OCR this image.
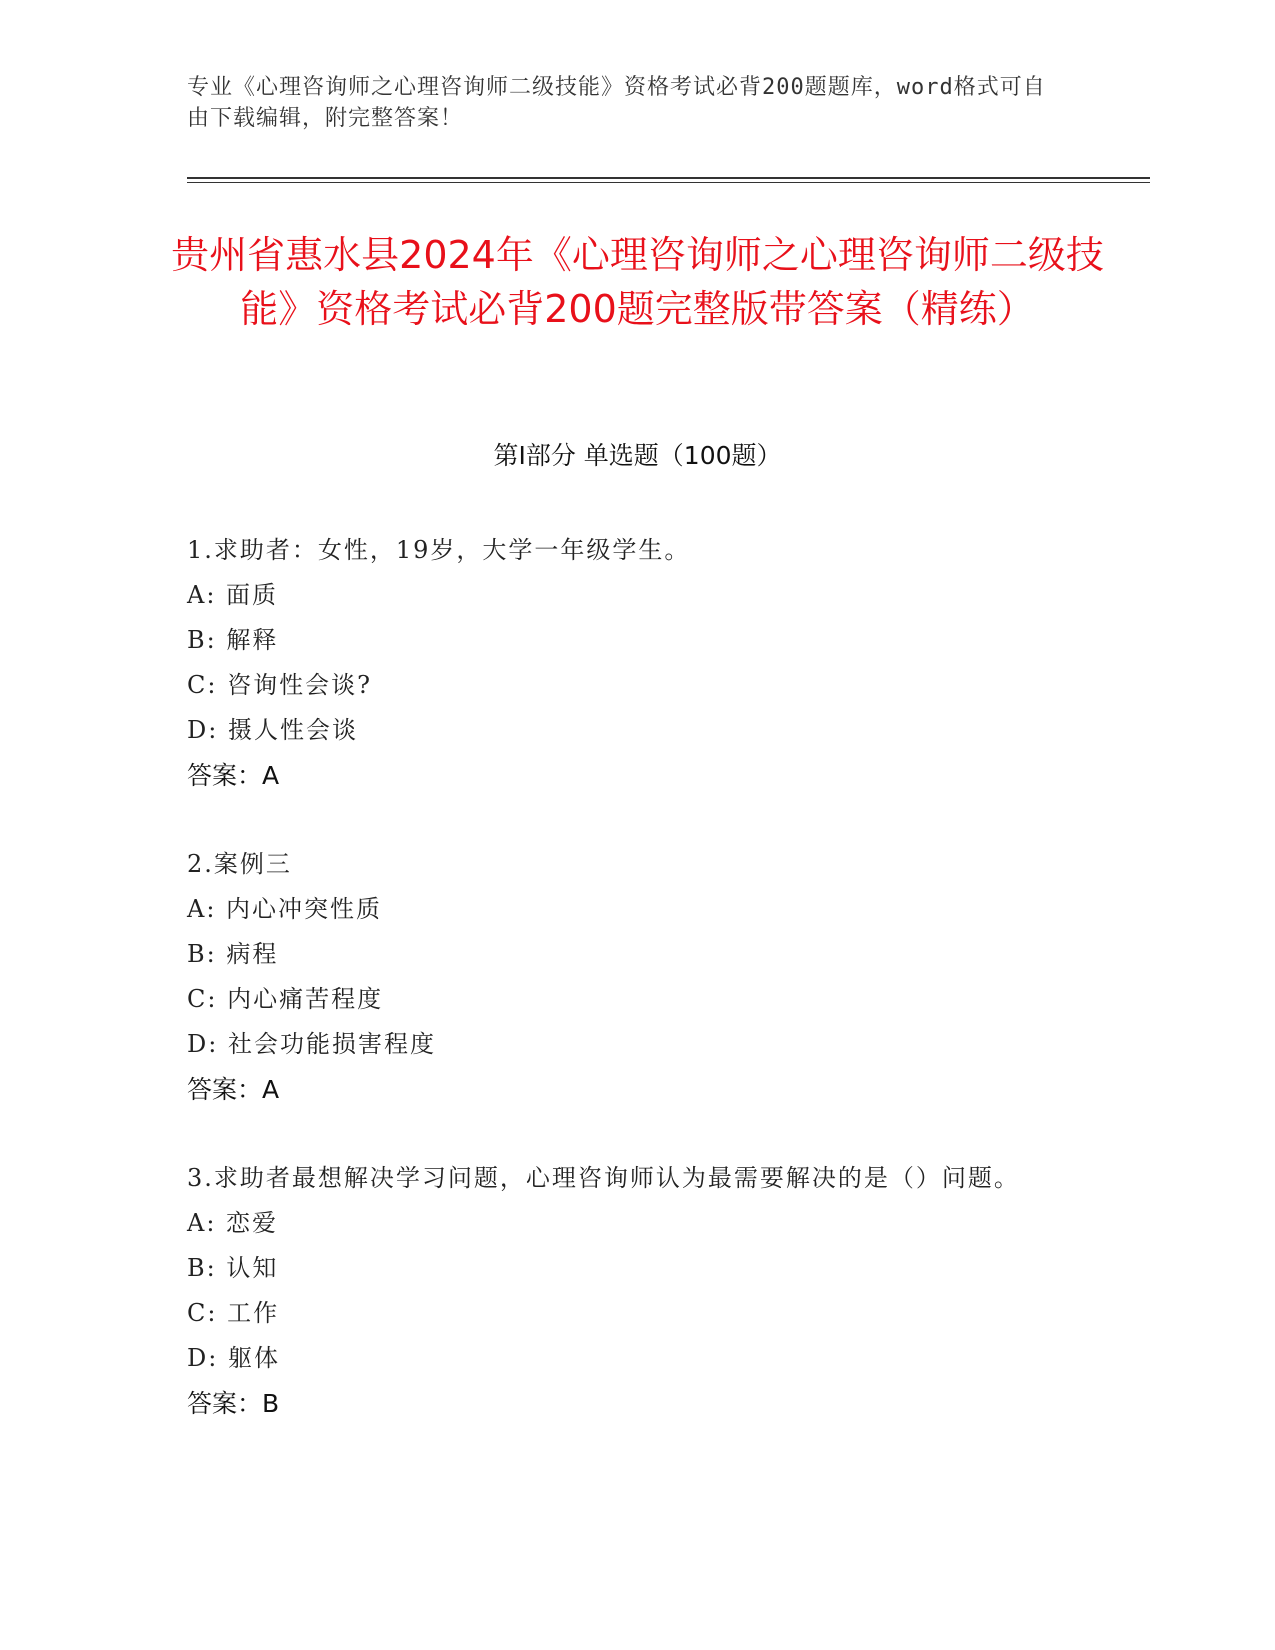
专业《心理咨询师之心理咨询师二级技能》资格考试必背200题题库，word格式可自由下载编辑，附完整答案！
贵州省惠水县2024年《心理咨询师之心理咨询师二级技能》资格考试必背200题完整版带答案（精练）
第I部分 单选题（100题）
1.求助者：女性，19岁，大学一年级学生。
A: 面质
B: 解释
C: 咨询性会谈?
D: 摄人性会谈
答案：A
2.案例三
A: 内心冲突性质
B: 病程
C: 内心痛苦程度
D: 社会功能损害程度
答案：A
3.求助者最想解决学习问题，心理咨询师认为最需要解决的是（）问题。
A: 恋爱
B: 认知
C: 工作
D: 躯体
答案：B
